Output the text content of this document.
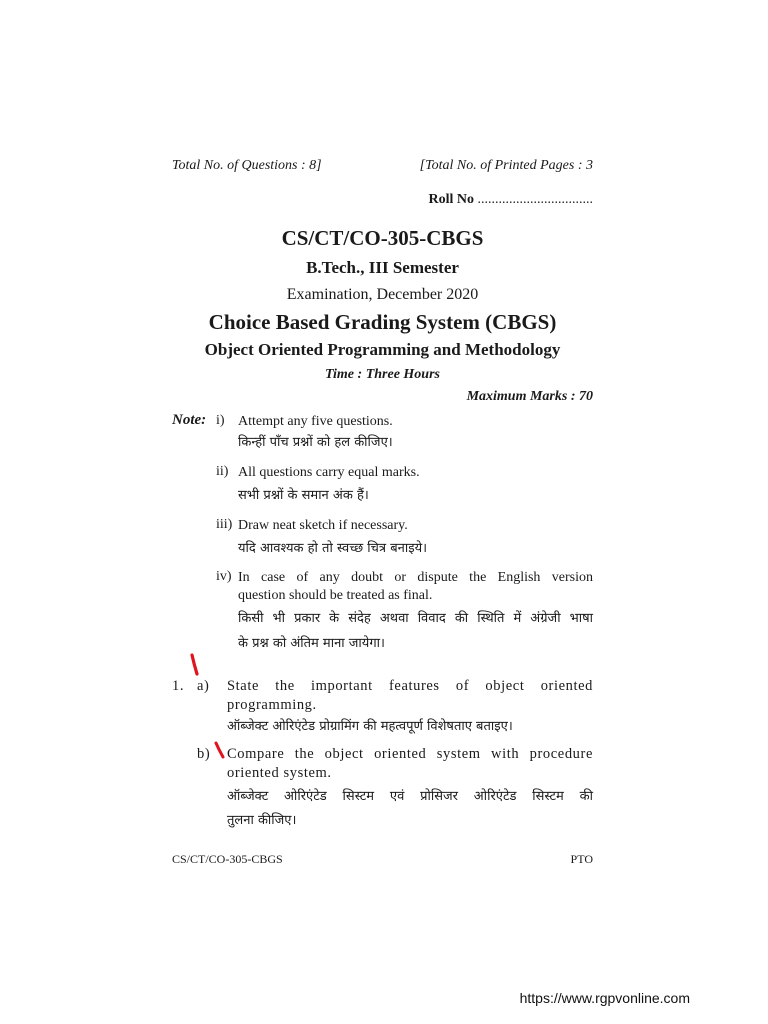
Total No. of Questions : 8]	[Total No. of Printed Pages : 3
Roll No .................................
CS/CT/CO-305-CBGS
B.Tech., III Semester
Examination, December 2020
Choice Based Grading System (CBGS)
Object Oriented Programming and Methodology
Time : Three Hours
Maximum Marks : 70
Note: i) Attempt any five questions.
किन्हीं पाँच प्रश्नों को हल कीजिए।
ii) All questions carry equal marks.
सभी प्रश्नों के समान अंक हैं।
iii) Draw neat sketch if necessary.
यदि आवश्यक हो तो स्वच्छ चित्र बनाइये।
iv) In case of any doubt or dispute the English version
question should be treated as final.
किसी भी प्रकार के संदेह अथवा विवाद की स्थिति में अंग्रेजी भाषा
के प्रश्न को अंतिम माना जायेगा।
1. a) State the important features of object oriented
programming.
ऑब्जेक्ट ओरिएंटेड प्रोग्रामिंग की महत्वपूर्ण विशेषताए बताइए।
b) Compare the object oriented system with procedure
oriented system.
ऑब्जेक्ट ओरिएंटेड सिस्टम एवं प्रोसिजर ओरिएंटेड सिस्टम की
तुलना कीजिए।
CS/CT/CO-305-CBGS	PTO
https://www.rgpvonline.com
